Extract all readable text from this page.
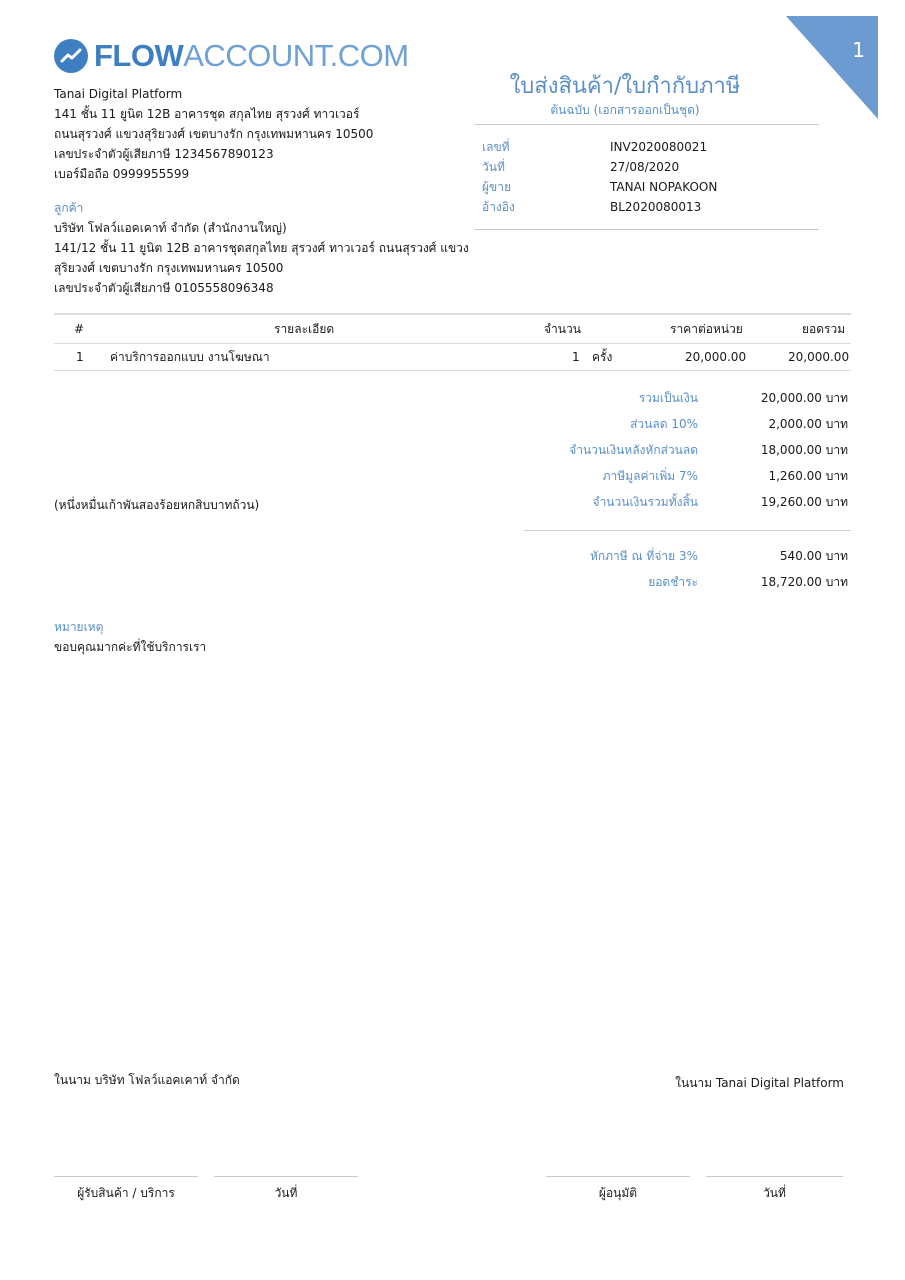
1
FLOWACCOUNT.COM
Tanai Digital Platform
141 ชั้น 11 ยูนิต 12B อาคารชุด สกุลไทย สุรวงศ์ ทาวเวอร์
ถนนสุรวงศ์ แขวงสุริยวงศ์ เขตบางรัก กรุงเทพมหานคร 10500
เลขประจำตัวผู้เสียภาษี 1234567890123
เบอร์มือถือ 0999955599
ลูกค้า
บริษัท โฟลว์แอคเคาท์ จำกัด (สำนักงานใหญ่)
141/12 ชั้น 11 ยูนิต 12B อาคารชุดสกุลไทย สุรวงศ์ ทาวเวอร์ ถนนสุรวงศ์ แขวง
สุริยวงศ์ เขตบางรัก กรุงเทพมหานคร 10500
เลขประจำตัวผู้เสียภาษี 0105558096348
ใบส่งสินค้า/ใบกำกับภาษี
ต้นฉบับ (เอกสารออกเป็นชุด)
เลขที่	INV2020080021
วันที่	27/08/2020
ผู้ขาย	TANAI NOPAKOON
อ้างอิง	BL2020080013
#	รายละเอียด	จำนวน	ราคาต่อหน่วย	ยอดรวม
1 ค่าบริการออกแบบ งานโฆษณา	1 ครั้ง	20,000.00	20,000.00
รวมเป็นเงิน	20,000.00 บาท
ส่วนลด 10%	2,000.00 บาท
จำนวนเงินหลังหักส่วนลด	18,000.00 บาท
ภาษีมูลค่าเพิ่ม 7%	1,260.00 บาท
จำนวนเงินรวมทั้งสิ้น	19,260.00 บาท
(หนึ่งหมื่นเก้าพันสองร้อยหกสิบบาทถ้วน)
หักภาษี ณ ที่จ่าย 3%	540.00 บาท
ยอดชำระ	18,720.00 บาท
หมายเหตุ
ขอบคุณมากค่ะที่ใช้บริการเรา
ในนาม บริษัท โฟลว์แอคเคาท์ จำกัด	ในนาม Tanai Digital Platform
ผู้รับสินค้า / บริการ	วันที่	ผู้อนุมัติ	วันที่
